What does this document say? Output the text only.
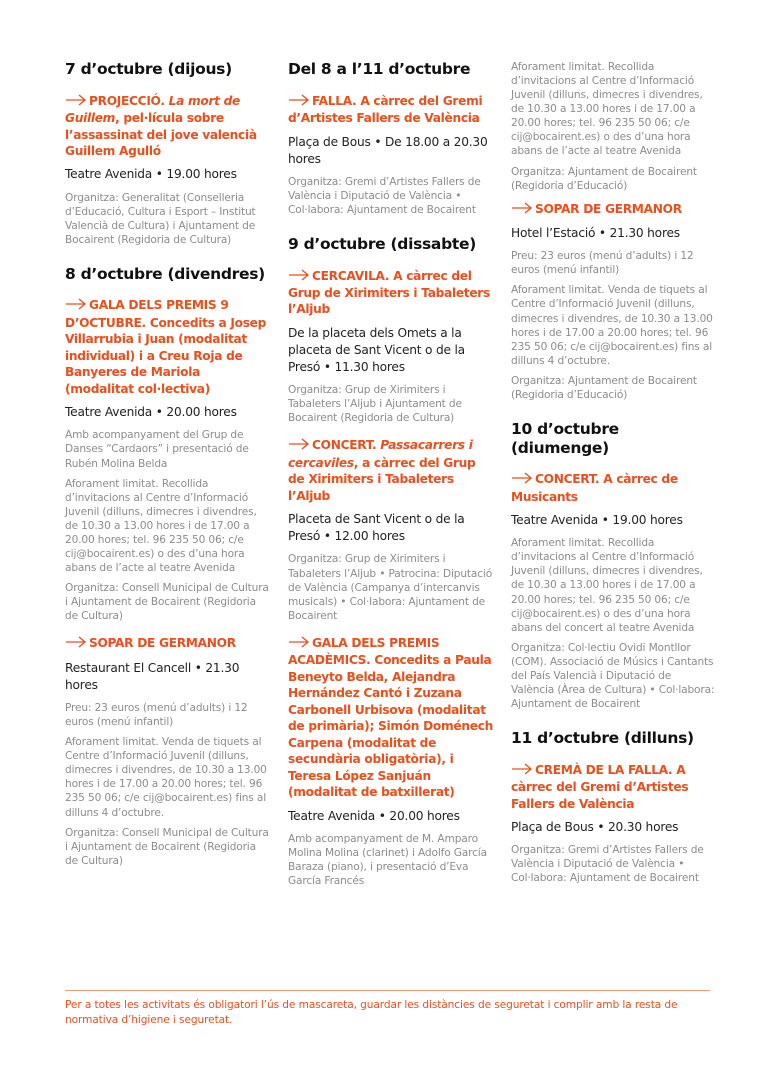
7 d’octubre (dijous)
PROJECCIÓ. La mort de Guillem, pel·lícula sobre l’assassinat del jove valencià Guillem Agulló
Teatre Avenida • 19.00 hores
Organitza: Generalitat (Conselleria d’Educació, Cultura i Esport – Institut Valencià de Cultura) i Ajuntament de Bocairent (Regidoria de Cultura)
8 d’octubre (divendres)
GALA DELS PREMIS 9 D’OCTUBRE. Concedits a Josep Villarrubia i Juan (modalitat individual) i a Creu Roja de Banyeres de Mariola (modalitat col·lectiva)
Teatre Avenida • 20.00 hores
Amb acompanyament del Grup de Danses “Cardaors” i presentació de Rubén Molina Belda
Aforament limitat. Recollida d’invitacions al Centre d’Informació Juvenil (dilluns, dimecres i divendres, de 10.30 a 13.00 hores i de 17.00 a 20.00 hores; tel. 96 235 50 06; c/e cij@bocairent.es) o des d’una hora abans de l’acte al teatre Avenida
Organitza: Consell Municipal de Cultura i Ajuntament de Bocairent (Regidoria de Cultura)
SOPAR DE GERMANOR
Restaurant El Cancell • 21.30 hores
Preu: 23 euros (menú d’adults) i 12 euros (menú infantil)
Aforament limitat. Venda de tiquets al Centre d’Informació Juvenil (dilluns, dimecres i divendres, de 10.30 a 13.00 hores i de 17.00 a 20.00 hores; tel. 96 235 50 06; c/e cij@bocairent.es) fins al dilluns 4 d’octubre.
Organitza: Consell Municipal de Cultura i Ajuntament de Bocairent (Regidoria de Cultura)
Del 8 a l’11 d’octubre
FALLA. A càrrec del Gremi d’Artistes Fallers de València
Plaça de Bous • De 18.00 a 20.30 hores
Organitza: Gremi d’Artistes Fallers de València i Diputació de València • Col·labora: Ajuntament de Bocairent
9 d’octubre (dissabte)
CERCAVILA. A càrrec del Grup de Xirimiters i Tabaleters l’Aljub
De la placeta dels Omets a la placeta de Sant Vicent o de la Presó • 11.30 hores
Organitza: Grup de Xirimiters i Tabaleters l’Aljub i Ajuntament de Bocairent (Regidoria de Cultura)
CONCERT. Passacarrers i cercaviles, a càrrec del Grup de Xirimiters i Tabaleters l’Aljub
Placeta de Sant Vicent o de la Presó • 12.00 hores
Organitza: Grup de Xirimiters i Tabaleters l’Aljub • Patrocina: Diputació de València (Campanya d’intercanvis musicals) • Col·labora: Ajuntament de Bocairent
GALA DELS PREMIS ACADÈMICS. Concedits a Paula Beneyto Belda, Alejandra Hernández Cantó i Zuzana Carbonell Urbisova (modalitat de primària); Simón Doménech Carpena (modalitat de secundària obligatòria), i Teresa López Sanjuán (modalitat de batxillerat)
Teatre Avenida • 20.00 hores
Amb acompanyament de M. Amparo Molina Molina (clarinet) i Adolfo García Baraza (piano), i presentació d’Eva García Francés
Aforament limitat. Recollida d’invitacions al Centre d’Informació Juvenil (dilluns, dimecres i divendres, de 10.30 a 13.00 hores i de 17.00 a 20.00 hores; tel. 96 235 50 06; c/e cij@bocairent.es) o des d’una hora abans de l’acte al teatre Avenida
Organitza: Ajuntament de Bocairent (Regidoria d’Educació)
SOPAR DE GERMANOR
Hotel l’Estació • 21.30 hores
Preu: 23 euros (menú d’adults) i 12 euros (menú infantil)
Aforament limitat. Venda de tiquets al Centre d’Informació Juvenil (dilluns, dimecres i divendres, de 10.30 a 13.00 hores i de 17.00 a 20.00 hores; tel. 96 235 50 06; c/e cij@bocairent.es) fins al dilluns 4 d’octubre.
Organitza: Ajuntament de Bocairent (Regidoria d’Educació)
10 d’octubre (diumenge)
CONCERT. A càrrec de Musicants
Teatre Avenida • 19.00 hores
Aforament limitat. Recollida d’invitacions al Centre d’Informació Juvenil (dilluns, dimecres i divendres, de 10.30 a 13.00 hores i de 17.00 a 20.00 hores; tel. 96 235 50 06; c/e cij@bocairent.es) o des d’una hora abans del concert al teatre Avenida
Organitza: Col·lectiu Ovidi Montllor (COM). Associació de Músics i Cantants del País Valencià i Diputació de València (Àrea de Cultura) • Col·labora: Ajuntament de Bocairent
11 d’octubre (dilluns)
CREMÀ DE LA FALLA. A càrrec del Gremi d’Artistes Fallers de València
Plaça de Bous • 20.30 hores
Organitza: Gremi d’Artistes Fallers de València i Diputació de València • Col·labora: Ajuntament de Bocairent
Per a totes les activitats és obligatori l’ús de mascareta, guardar les distàncies de seguretat i complir amb la resta de normativa d’higiene i seguretat.
